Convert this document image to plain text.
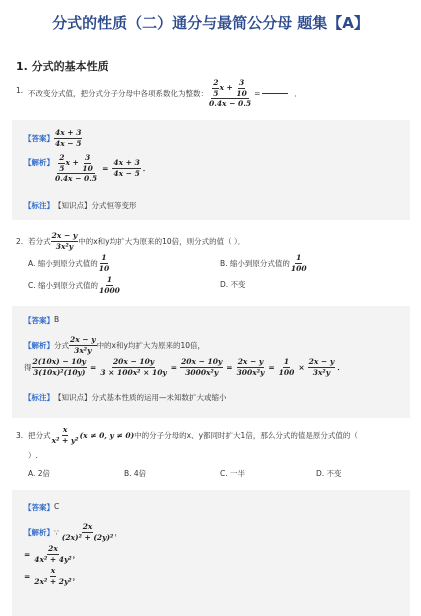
分式的性质（二）通分与最简公分母 题集【A】
1. 分式的基本性质
1. 不改变分式值，把分式分子分母中各项系数化为整数： $\frac{\frac{2}{5} x + \frac{3}{10}}{0.4x - 0.5}$ =	．
【答案】 $\frac{4x + 3}{4x - 5}$
【解析】 $\frac{\frac{2}{5} x + \frac{3}{10}}{0.4x - 0.5} = \frac{4x + 3}{4x - 5}$ ．
【标注】 【知识点】分式恒等变形
2. 若分式 $\frac{2x - y}{\text{3x²y}}$ 中的x和y均扩大为原来的10倍，则分式的值（ ）．
A. 缩小到原分式值的 $\frac{1}{10}$	B. 缩小到原分式值的 $\frac{1}{100}$
C. 缩小到原分式值的 $\frac{1}{1000}$	D. 不变
【答案】 B
【解析】 分式 $\frac{2x - y}{\text{3x²y}}$ 中的x和y均扩大为原来的10倍，
得 $\frac{2(10x) - 10y}{\text{3(10x)²(10y)}} = \frac{20x - 10y}{\text{3 × 100x² × 10y}} = \frac{20x - 10y}{\text{3000x²y}} = \frac{2x - y}{\text{300x²y}} = \frac{1}{100} \times \frac{2x - y}{\text{3x²y}}$ ．
【标注】 【知识点】分式基本性质的运用—未知数扩大或缩小
3. 把分式 $\frac{x}{\text{x² + y²}} (x \ne 0$, y ≠ 0) 中的分子分母的x、y都同时扩大1倍，那么分式的值是原分式值的（
）.
A. 2倍	B. 4倍	C. 一半	D. 不变
【答案】 C
【解析】 ∵ $\frac{2x}{\text{(2x)² + (2y)²}}$ ，
= $\frac{2x}{\text{4x² + 4y²}}$ ，
= $\frac{x}{\text{2x² + 2y²}}$ ，
